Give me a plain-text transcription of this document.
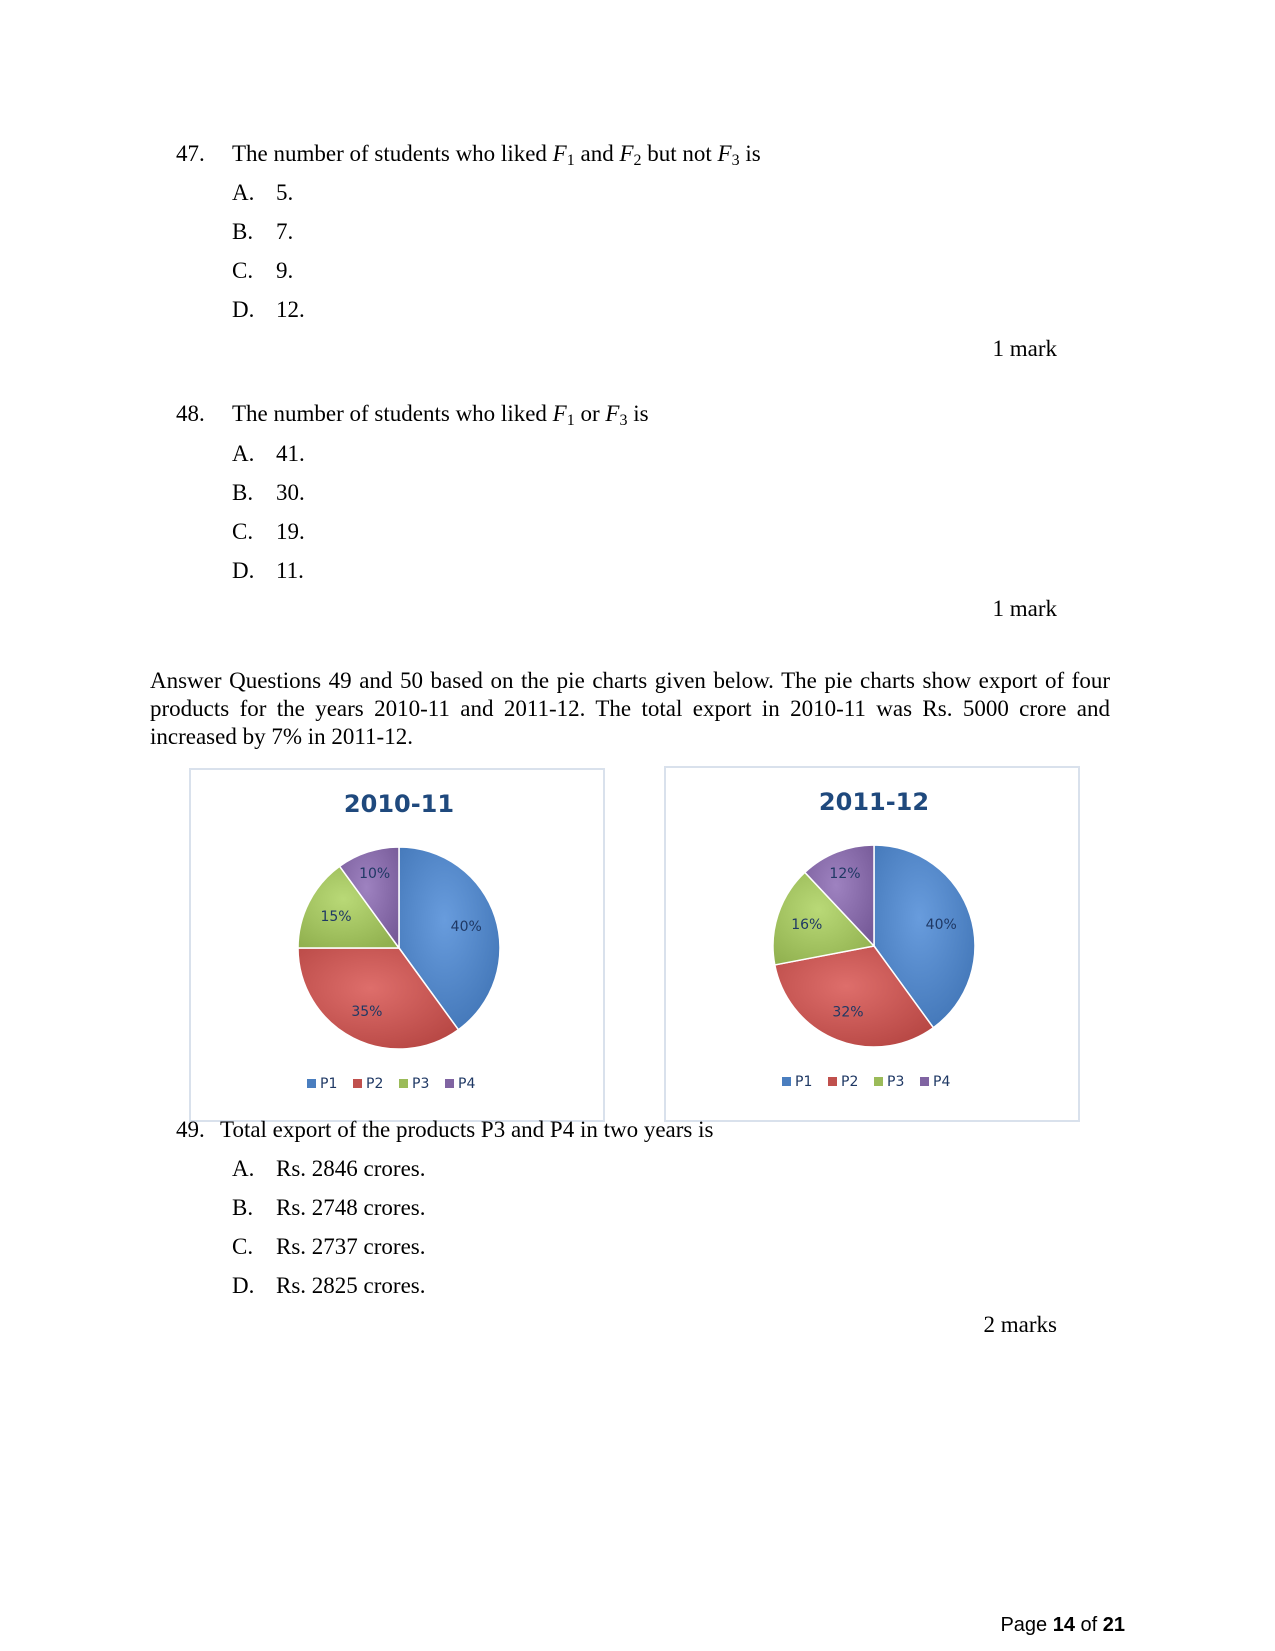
47. The number of students who liked $F_1$ and $F_2$ but not $F_3$ is
A. 5.
B. 7.
C. 9.
D. 12.
1 mark
48. The number of students who liked $F_1$ or $F_3$ is
A. 41.
B. 30.
C. 19.
D. 11.
1 mark
Answer Questions 49 and 50 based on the pie charts given below. The pie charts show export of four products for the years 2010-11 and 2011-12. The total export in 2010-11 was Rs. 5000 crore and increased by 7% in 2011-12.
2010-11
40%
35%
15%
10%
P1 P2 P3 P4
2011-12
40%
32%
16%
12%
P1 P2 P3 P4
49. Total export of the products P3 and P4 in two years is
A. Rs. 2846 crores.
B. Rs. 2748 crores.
C. Rs. 2737 crores.
D. Rs. 2825 crores.
2 marks
Page 14 of 21
